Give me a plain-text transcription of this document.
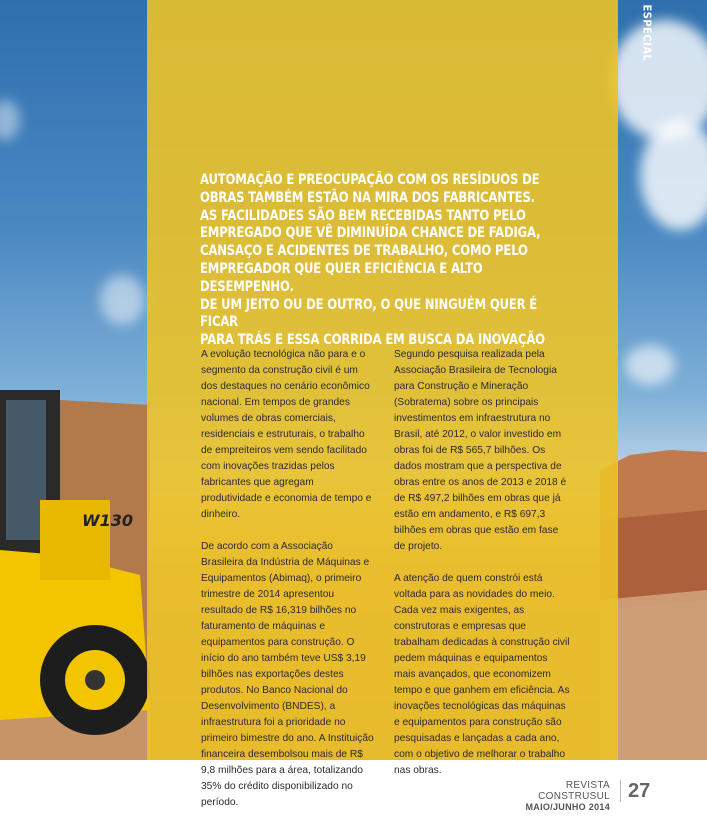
W130
ESPECIAL
AUTOMAÇÃO E PREOCUPAÇÃO COM OS RESÍDUOS DE
OBRAS TAMBÉM ESTÃO NA MIRA DOS FABRICANTES.
AS FACILIDADES SÃO BEM RECEBIDAS TANTO PELO
EMPREGADO QUE VÊ DIMINUÍDA CHANCE DE FADIGA,
CANSAÇO E ACIDENTES DE TRABALHO, COMO PELO
EMPREGADOR QUE QUER EFICIÊNCIA E ALTO DESEMPENHO.
DE UM JEITO OU DE OUTRO, O QUE NINGUÉM QUER É FICAR
PARA TRÁS E ESSA CORRIDA EM BUSCA DA INOVAÇÃO

A evolução tecnológica não para e o segmento da construção civil é um dos destaques no cenário econômico nacional. Em tempos de grandes volumes de obras comerciais, residenciais e estruturais, o trabalho de empreiteiros vem sendo facilitado com inovações trazidas pelos fabricantes que agregam produtividade e economia de tempo e dinheiro.

De acordo com a Associação Brasileira da Indústria de Máquinas e Equipamentos (Abimaq), o primeiro trimestre de 2014 apresentou resultado de R$ 16,319 bilhões no faturamento de máquinas e equipamentos para construção. O início do ano também teve US$ 3,19 bilhões nas exportações destes produtos. No Banco Nacional do Desenvolvimento (BNDES), a infraestrutura foi a prioridade no primeiro bimestre do ano. A Instituição financeira desembolsou mais de R$ 9,8 milhões para a área, totalizando 35% do crédito disponibilizado no período.

Segundo pesquisa realizada pela Associação Brasileira de Tecnologia para Construção e Mineração (Sobratema) sobre os principais investimentos em infraestrutura no Brasil, até 2012, o valor investido em obras foi de R$ 565,7 bilhões. Os dados mostram que a perspectiva de obras entre os anos de 2013 e 2018 é de R$ 497,2 bilhões em obras que já estão em andamento, e R$ 697,3 bilhões em obras que estão em fase de projeto.

A atenção de quem constrói está voltada para as novidades do meio. Cada vez mais exigentes, as construtoras e empresas que trabalham dedicadas à construção civil pedem máquinas e equipamentos mais avançados, que economizem tempo e que ganhem em eficiência. As inovações tecnológicas das máquinas e equipamentos para construção são pesquisadas e lançadas a cada ano, com o objetivo de melhorar o trabalho nas obras.

REVISTA CONSTRUSUL
MAIO/JUNHO 2014
27
